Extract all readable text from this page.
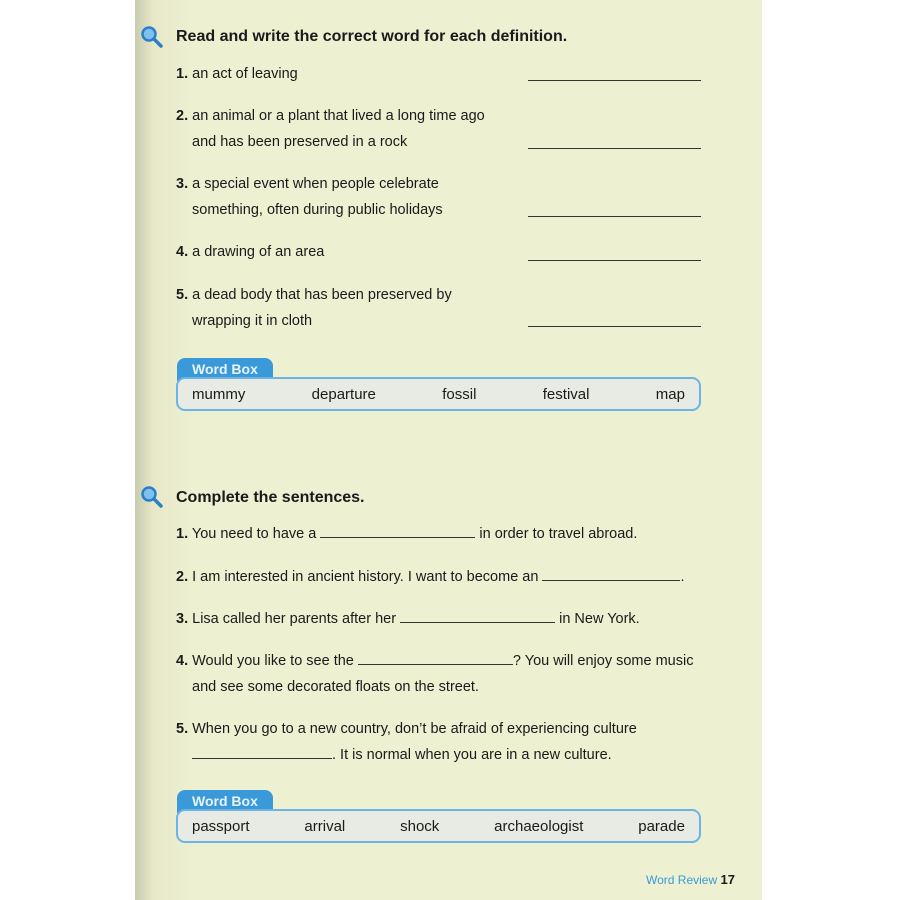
Read and write the correct word for each definition.
1. an act of leaving
2. an animal or a plant that lived a long time ago
and has been preserved in a rock
3. a special event when people celebrate
something, often during public holidays
4. a drawing of an area
5. a dead body that has been preserved by
wrapping it in cloth
Word Box
mummy	departure	fossil	festival	map
Complete the sentences.
1. You need to have a	in order to travel abroad.
2. I am interested in ancient history. I want to become an	.
3. Lisa called her parents after her	in New York.
4. Would you like to see the	? You will enjoy some music
and see some decorated floats on the street.
5. When you go to a new country, don’t be afraid of experiencing culture
. It is normal when you are in a new culture.
Word Box
passport	arrival	shock	archaeologist	parade
Word Review 17
